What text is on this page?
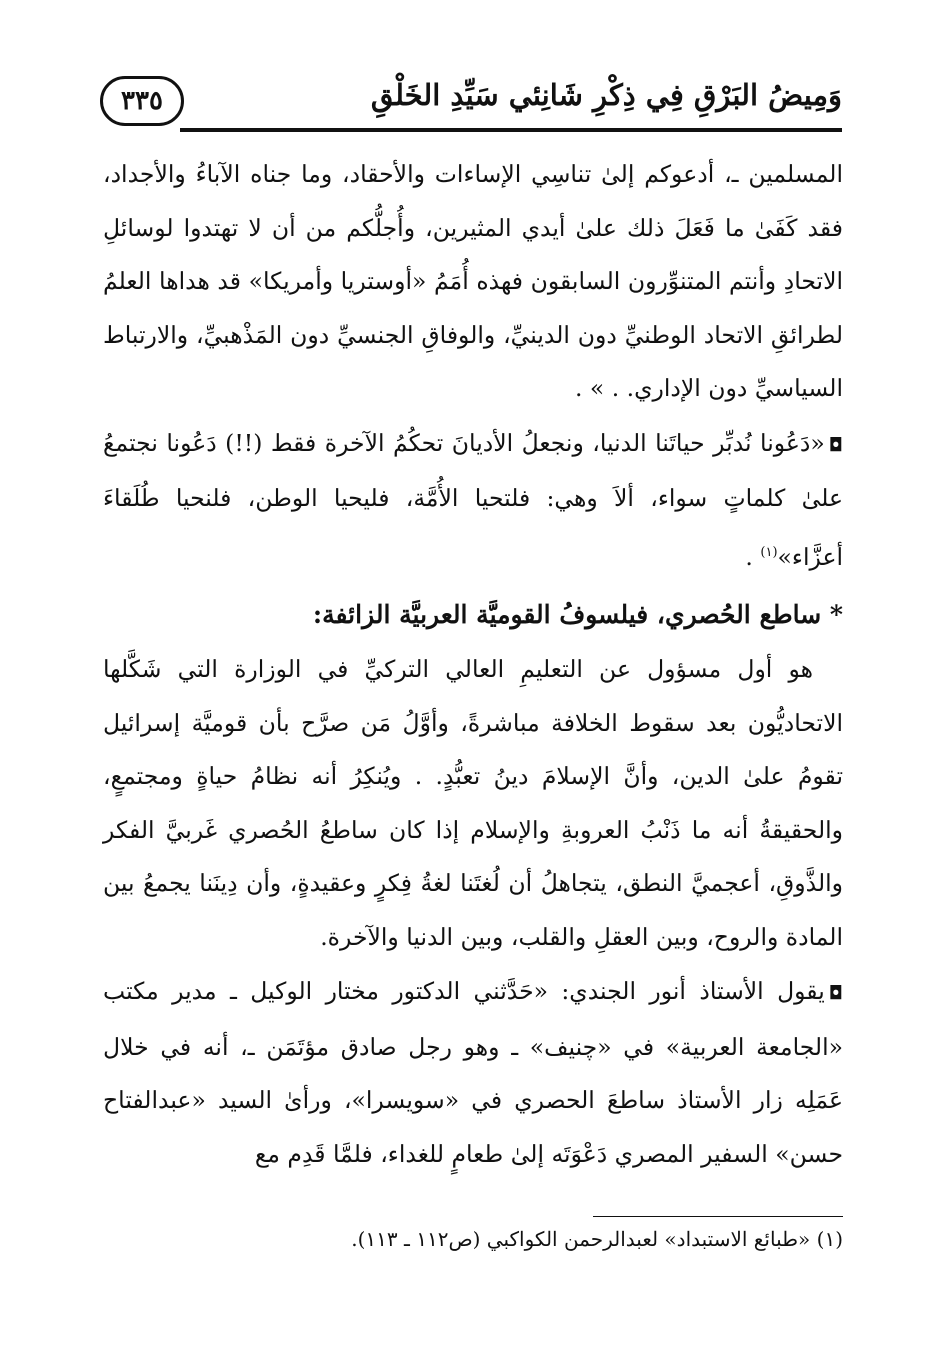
٣٣٥	وَمِيضُ البَرْقِ فِي ذِكْرِ شَانِئي سَيِّدِ الخَلْقِ

المسلمين ـ، أدعوكم إلىٰ تناسِي الإساءات والأحقاد، وما جناه الآباءُ والأجداد، فقد كَفَىٰ ما فَعَلَ ذلك علىٰ أيدي المثيرين، وأُجلُّكم من أن لا تهتدوا لوسائلِ الاتحادِ وأنتم المتنوِّرون السابقون فهذه أُمَمُ «أوستريا وأمريكا» قد هداها العلمُ لطرائقِ الاتحاد الوطنيِّ دون الدينيِّ، والوفاقِ الجنسيِّ دون المَذْهبيِّ، والارتباط السياسيِّ دون الإداري. . » .

◘«دَعُونا نُدبِّر حياتَنا الدنيا، ونجعلُ الأديانَ تحكُمُ الآخرة فقط (!!) دَعُونا نجتمعُ علىٰ كلماتٍ سواء، ألاَ وهي: فلتحيا الأُمَّة، فليحيا الوطن، فلنحيا طُلَقاءَ أعزَّاء»$^{(١)}$ .

* ساطع الحُصري، فيلسوفُ القوميَّة العربيَّة الزائفة:

هو أول مسؤول عن التعليمِ العالي التركيِّ في الوزارة التي شَكَّلها الاتحاديُّون بعد سقوط الخلافة مباشرةً، وأوَّلُ مَن صرَّح بأن قوميَّة إسرائيل تقومُ علىٰ الدين، وأنَّ الإسلامَ دينُ تعبُّدٍ. . ويُنكِرُ أنه نظامُ حياةٍ ومجتمعٍ، والحقيقةُ أنه ما ذَنْبُ العروبةِ والإسلام إذا كان ساطعُ الحُصري غَربيَّ الفكر والذَّوقِ، أعجميَّ النطق، يتجاهلُ أن لُغتَنا لغةُ فِكرٍ وعقيدةٍ، وأن دِينَنا يجمعُ بين المادة والروح، وبين العقلِ والقلب، وبين الدنيا والآخرة.

◘يقول الأستاذ أنور الجندي: «حَدَّثني الدكتور مختار الوكيل ـ مدير مكتب «الجامعة العربية» في «چنيف» ـ وهو رجل صادق مؤتَمَن ـ، أنه في خلال عَمَلِه زار الأستاذ ساطعَ الحصري في «سويسرا»، ورأىٰ السيد «عبدالفتاح حسن» السفير المصري دَعْوَتَه إلىٰ طعامٍ للغداء، فلمَّا قَدِم مع

(١) «طبائع الاستبداد» لعبدالرحمن الكواكبي (ص١١٢ ـ ١١٣).
